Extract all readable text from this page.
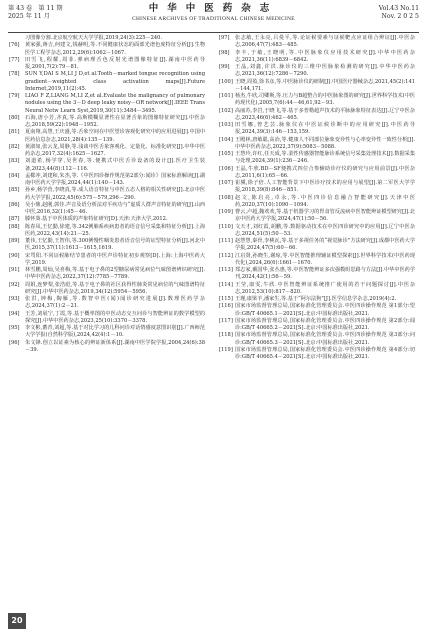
第 43 卷　第 11 期
2025 年 11 月
中华中医药杂志
CHINESE ARCHIVES OF TRADITIONAL CHINESE MEDICINE
Vol.43 No.11
Nov. 2 0 2 5

习图像分割.北京航空航天大学学报,2019,24(3):225－240.

[76] 黄家强,蒋吉,何建文,钱赫明,等.不同健康状态的面部光谱色度特征分析[J].生物医学工程学杂志,2012,29(6):1062－1067.

[77] 田雪飞,程耀,周菲.弹病理舌色反射光谱图像特征[J].湖南中医药导报,2001,7(2):79－81.

[78] SUN Y,DAI S M,LI J D,et al.Tooth－marked tongue recognition using gradient－weighted class activation maps[J].Future Internet,2019,11(2):45.

[79] LIAO F Z,LIANG M,LI Z,et al.Evaluate the malignancy of pulmonary nodules using the 3－D deep leaky noisy－OR network[J].IEEE Trans Neural Netw Learn Syst,2019,30(11):3484－3495.

[80] 石海,唐小芳,齐真,等.高斯模糊显著性在显著舌象的图像特征研究[J].中医杂志,2018,59(22):1948－1952.

[81] 夏南翔,高慧,王庆盛,等.舌象空间在中医望诊客观化研究中的应用进展[J].中国中医药信息杂志,2021,28(4):135－139.

[82] 黄淑如,张云龙,周静,等.浅谈中医舌象客观化、定量化、标准化研究[J].中华中医药杂志,2017,32(4):1625－1627.

[83] 刘道希,杨学穿,吴世春,等.便携式中医舌诊设备的设计[J].医疗卫生装备,2023,44(8):112－116.

[84] 孟檬冲,刘建和,朱杰,等.《中医四诊操作规范第2部分:闻诊》国家标准解读[J].湖南中医药大学学报,2024,44(1):140－143.

[85] 孙乡,杨学营,李晓真,等.成人语音特征与中医五态人格的相关性研究[J].北京中医药大学学报,2022,45(6):575－579,296－290.

[86] 吴小鼎,赵刚,郭佳.声音及语分析法对平疾功与“虚质人群声音特征的研究[J].山西中医,2016,32(1):45－46.

[87] 滕怀葵.基于中医体质的声象特征研究[D].天津:天津大学,2012.

[88] 陈春凤,王忆勤,徐建,等.342例肺系疾病患者的语音信号采集和特征分析[J].上海医药,2022,43(14):21－25.

[89] 董伟,王忆勤,王智伟,等.300例慢性咽炎患者语音信号的证型特征分析[J].河北中医,2015,37(11):1613－1615,1619.

[90] 宋骂阳.不同证候肺结节患者的中医声诊特征初步观察[D].上海:上海中医药大学,2019.

[91] 林雪鹏,周灿,吴喜梅,等.基于电子鼻的2型糖尿病常见病位气味图谱辨识研究[J].中华中医药杂志,2022,37(12):7785－7789.

[92] 周娟,连梦梨,张浩彪,等.基于电子鼻的社区获得性肺炎常见病位的气味图谱特征研究[J].中华中医药杂志,2019,34(12):5954－5956.

[93] 张洪,钟梅,陶雁,等.数智中医(闻)闻诊研究进展[J].数理医药学杂志,2024,37(1):2－21.

[94] 王芳,刘展宁,丁霞,等.基于概率图的中医动态交互问诊与智能辨证的数学模型的探究[J].中华中医药杂志,2023,25(10):3370－3378.

[95] 李文彬,蕃青,刘超,等.基于对比学习的儿科问诊对话情感度意图识别[J].广西师范大学学报(自然科学版),2024,42(4):1－10.

[96] 朱文锋.创立以证素为核心的辨证新体系[J].湖南中医学院学报,2004,24(6):38－39.

[97] 张志敏,王永亮,吕曼平,等.论证候要素与证候靶点应证组合辨证[J].中医杂志,2006,47(7):483－485.

[98] 李丰,于敏,王晓明,等.中医脉象仪应用技术研究[J].中华中医药杂志,2021,36(11):6839－6842.

[99] 王晶,刘鑫,许洪.脉诊仪的三维中医脉象检测的研究[J].中华中医药杂志,2021,36(12):7286－7290.

[100] 王晓,周盈,徐书彦,等.中医脉诊仪的研制[J].中国医疗器械杂志,2021,45(2):141－144,171.

[101] 杨杰,牛欣,司卿斯,等.压力与B超整合的中医脉象图的研究[J].世界科学技术(中医药现代化),2005,7(6):44－46,61,92－93.

[102] 高丽苏,李岩,于晓飞,等.基于多普勒超声技术的平脉脉象特征表达[J].辽宁中医杂志,2023,46(6):462－465.

[103] 田雪娜,曾艺芸.脉象仪在中医证候诊断中的应用研究[J].中医药导报,2024,39(3):146－153,159.

[104] 王殿林,唐敏聪,高冶,等.健康人不同部位脉象变异性与心率变异性一致性分析[J].中华中医药杂志,2022,37(9):5083－5088.

[105] 王慧玲,许红,任天成,等.柔性传感器智能脉诊系统信号采集处理技术[J].数据采集与处理,2024,39(1):236－246.

[106] 王晶,牛欣.BD－SF便携式四位合参辅助诊疗仪的研究与应用前景[J].中医杂志,2011,6(1):65－66.

[107] 崔骥,徐子倍.人工智能背景下中医诊疗技术的应用与展望[J].第二军医大学学报,2018,39(8):846－851.

[108] 赵文,陈启亮,卓永,等.中医四诊信息融合智能研究[J].天津中医药,2020,37(10):1090－1094.

[109] 曹云,卢超,魏欢欢,等.基于机器学习的胃食管反流病中医智能辨证模型研究[J].北京中医药大学学报,2024,47(1):50－56.

[110] 文天才,刘红霞,胡鹏,等.数据驱动技术在中医四诊研究中的应用[J].辽宁中医杂志,2024,51(5):50－53.

[111] 赵慧慧,秦骨,李桃瓦,等.基于多视任务的“视觉脉诊”方法研究[J].成都中医药大学学报,2024,47(5):60－66.

[112] 江启贤,孙晓生,谢琼,等.中医智能推理辅证模型探索[J].世界科学技术(中医药现代化),2024,26(6):1661－1670.

[113] 郑志家,戴国华,张丛惠,等.中医智能辨证多次强模组思路与方法[J].中华中医药学刊,2024,42(1):56－59.

[114] 王莹,康雯,牛欣.中医智能辨证系统推广使用的若干问题探讨[J].中医杂志,2012,53(10):817－820.

[115] 王瑾,康梁羊,潘家生,等.基于“阿尔法狗”[J].医学信息学杂志,2019(4):2.

[116] 国家市场监督管理总局,国家标准化管理委员会.中医四诊操作规范 第1部分:望诊:GB/T 40665.1－2021[S].北京:中国标准出版社,2021.

[117] 国家市场监督管理总局,国家标准化管理委员会.中医四诊操作规范 第2部分:闻诊:GB/T 40665.2－2021[S].北京:中国标准出版社,2021.

[118] 国家市场监督管理总局,国家标准化管理委员会.中医四诊操作规范 第3部分:问诊:GB/T 40665.3－2021[S].北京:中国标准出版社,2021.

[119] 国家市场监督管理总局,国家标准化管理委员会.中医四诊操作规范 第4部分:切诊:GB/T 40665.4－2021[S].北京:中国标准出版社,2021.

20
